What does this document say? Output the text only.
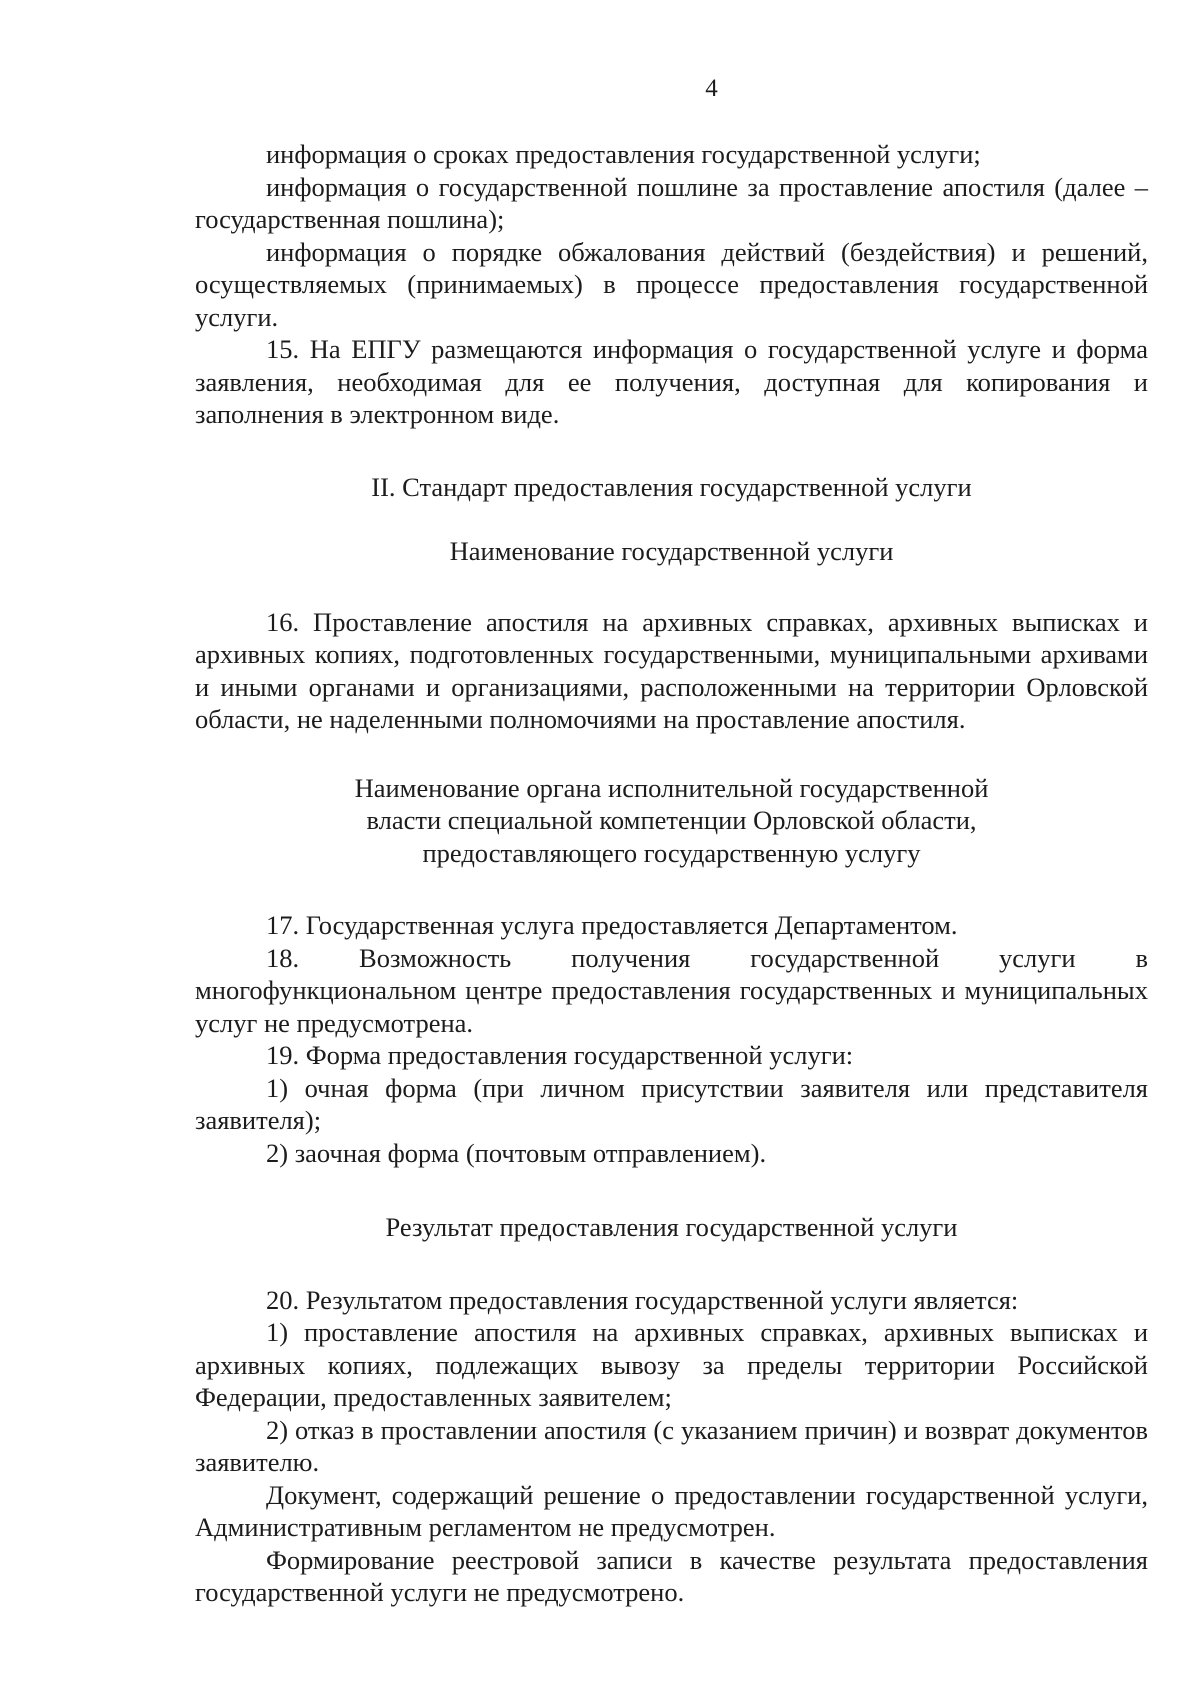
4

информация о сроках предоставления государственной услуги;

информация о государственной пошлине за проставление апостиля (далее – государственная пошлина);

информация о порядке обжалования действий (бездействия) и решений, осуществляемых (принимаемых) в процессе предоставления государственной услуги.

15. На ЕПГУ размещаются информация о государственной услуге и форма заявления, необходимая для ее получения, доступная для копирования и заполнения в электронном виде.

II. Стандарт предоставления государственной услуги

Наименование государственной услуги

16. Проставление апостиля на архивных справках, архивных выписках и архивных копиях, подготовленных государственными, муниципальными архивами и иными органами и организациями, расположенными на территории Орловской области, не наделенными полномочиями на проставление апостиля.

Наименование органа исполнительной государственной

власти специальной компетенции Орловской области,

предоставляющего государственную услугу

17. Государственная услуга предоставляется Департаментом.

18. Возможность получения государственной услуги в многофункциональном центре предоставления государственных и муниципальных услуг не предусмотрена.

19. Форма предоставления государственной услуги:

1) очная форма (при личном присутствии заявителя или представителя заявителя);

2) заочная форма (почтовым отправлением).

Результат предоставления государственной услуги

20. Результатом предоставления государственной услуги является:

1) проставление апостиля на архивных справках, архивных выписках и архивных копиях, подлежащих вывозу за пределы территории Российской Федерации, предоставленных заявителем;

2) отказ в проставлении апостиля (с указанием причин) и возврат документов заявителю.

Документ, содержащий решение о предоставлении государственной услуги, Административным регламентом не предусмотрен.

Формирование реестровой записи в качестве результата предоставления государственной услуги не предусмотрено.
